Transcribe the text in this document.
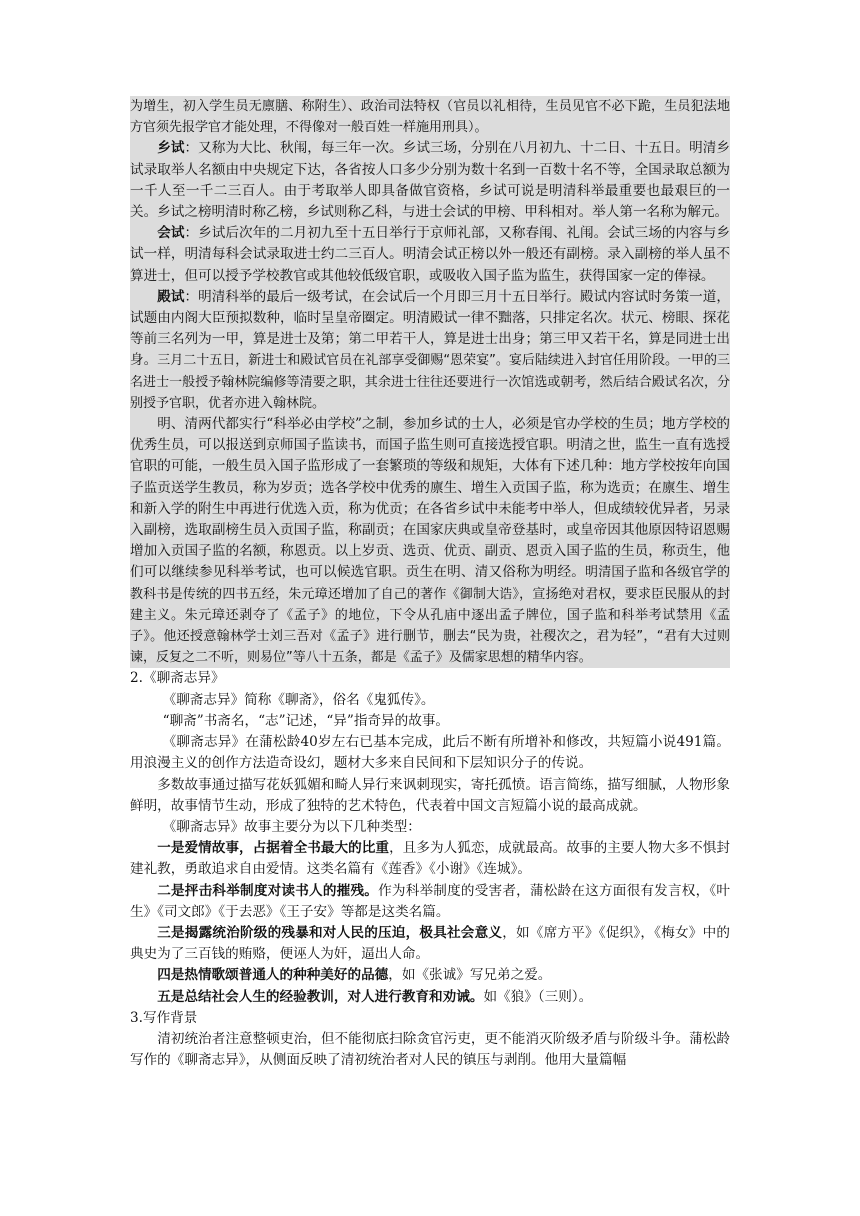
为增生，初入学生员无廪膳、称附生）、政治司法特权（官员以礼相待，生员见官不必下跪，生员犯法地方官须先报学官才能处理，不得像对一般百姓一样施用刑具）。

乡试：又称为大比、秋闱，每三年一次。乡试三场，分别在八月初九、十二日、十五日。明清乡试录取举人名额由中央规定下达，各省按人口多少分别为数十名到一百数十名不等，全国录取总额为一千人至一千二三百人。由于考取举人即具备做官资格，乡试可说是明清科举最重要也最艰巨的一关。乡试之榜明清时称乙榜，乡试则称乙科，与进士会试的甲榜、甲科相对。举人第一名称为解元。

会试：乡试后次年的二月初九至十五日举行于京师礼部，又称春闱、礼闱。会试三场的内容与乡试一样，明清每科会试录取进士约二三百人。明清会试正榜以外一般还有副榜。录入副榜的举人虽不算进士，但可以授予学校教官或其他较低级官职，或吸收入国子监为监生，获得国家一定的俸禄。

殿试：明清科举的最后一级考试，在会试后一个月即三月十五日举行。殿试内容试时务策一道，试题由内阁大臣预拟数种，临时呈皇帝圈定。明清殿试一律不黜落，只排定名次。状元、榜眼、探花等前三名列为一甲，算是进士及第；第二甲若干人，算是进士出身；第三甲又若干名，算是同进士出身。三月二十五日，新进士和殿试官员在礼部享受御赐“恩荣宴”。宴后陆续进入封官任用阶段。一甲的三名进士一般授予翰林院编修等清要之职，其余进士往往还要进行一次馆选或朝考，然后结合殿试名次，分别授予官职，优者亦进入翰林院。

明、清两代都实行“科举必由学校”之制，参加乡试的士人，必须是官办学校的生员；地方学校的优秀生员，可以报送到京师国子监读书，而国子监生则可直接选授官职。明清之世，监生一直有选授官职的可能，一般生员入国子监形成了一套繁琐的等级和规矩，大体有下述几种：地方学校按年向国子监贡送学生教员，称为岁贡；选各学校中优秀的廪生、增生入贡国子监，称为选贡；在廪生、增生和新入学的附生中再进行优选入贡，称为优贡；在各省乡试中未能考中举人，但成绩较优异者，另录入副榜，选取副榜生员入贡国子监，称副贡；在国家庆典或皇帝登基时，或皇帝因其他原因特诏恩赐增加入贡国子监的名额，称恩贡。以上岁贡、选贡、优贡、副贡、恩贡入国子监的生员，称贡生，他们可以继续参见科举考试，也可以候选官职。贡生在明、清又俗称为明经。明清国子监和各级官学的教科书是传统的四书五经，朱元璋还增加了自己的著作《御制大诰》，宣扬绝对君权，要求臣民服从的封建主义。朱元璋还剥夺了《孟子》的地位，下令从孔庙中逐出孟子牌位，国子监和科举考试禁用《孟子》。他还授意翰林学士刘三吾对《孟子》进行删节，删去“民为贵，社稷次之，君为轻”，“君有大过则谏，反复之二不听，则易位”等八十五条，都是《孟子》及儒家思想的精华内容。

2.《聊斋志异》

《聊斋志异》简称《聊斋》，俗名《鬼狐传》。

“聊斋”书斋名，“志”记述，“异”指奇异的故事。

《聊斋志异》在蒲松龄40岁左右已基本完成，此后不断有所增补和修改，共短篇小说491篇。用浪漫主义的创作方法造奇设幻，题材大多来自民间和下层知识分子的传说。

多数故事通过描写花妖狐媚和畸人异行来讽刺现实，寄托孤愤。语言简练，描写细腻，人物形象鲜明，故事情节生动，形成了独特的艺术特色，代表着中国文言短篇小说的最高成就。

《聊斋志异》故事主要分为以下几种类型：

一是爱情故事，占据着全书最大的比重，且多为人狐恋，成就最高。故事的主要人物大多不惧封建礼教，勇敢追求自由爱情。这类名篇有《莲香》《小谢》《连城》。

二是抨击科举制度对读书人的摧残。作为科举制度的受害者，蒲松龄在这方面很有发言权，《叶生》《司文郎》《于去恶》《王子安》等都是这类名篇。

三是揭露统治阶级的残暴和对人民的压迫，极具社会意义，如《席方平》《促织》，《梅女》中的典史为了三百钱的贿赂，便诬人为奸，逼出人命。

四是热情歌颂普通人的种种美好的品德，如《张诚》写兄弟之爱。

五是总结社会人生的经验教训，对人进行教育和劝诫。如《狼》（三则）。

3.写作背景

清初统治者注意整顿吏治，但不能彻底扫除贪官污吏，更不能消灭阶级矛盾与阶级斗争。蒲松龄写作的《聊斋志异》，从侧面反映了清初统治者对人民的镇压与剥削。他用大量篇幅
